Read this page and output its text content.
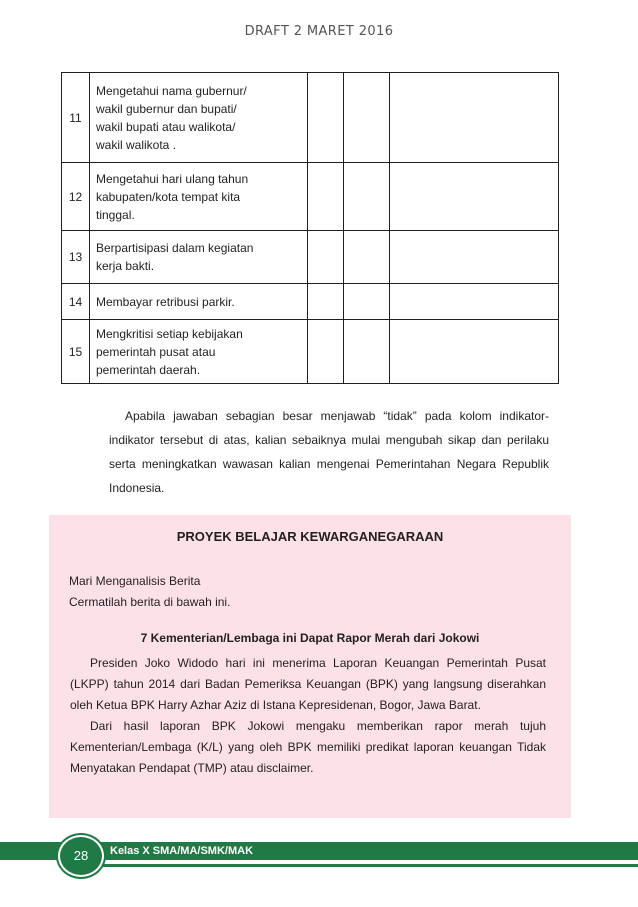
DRAFT 2 MARET 2016
11	Mengetahui nama gubernur/
wakil gubernur dan bupati/
wakil bupati atau walikota/
wakil walikota .			

12	Mengetahui hari ulang tahun
kabupaten/kota tempat kita
tinggal.			

13	Berpartisipasi dalam kegiatan
kerja bakti.			

14	Membayar retribusi parkir.			

15	Mengkritisi setiap kebijakan
pemerintah pusat atau
pemerintah daerah.			

Apabila jawaban sebagian besar menjawab “tidak” pada kolom indikator-indikator tersebut di atas, kalian sebaiknya mulai mengubah sikap dan perilaku serta meningkatkan wawasan kalian mengenai Pemerintahan Negara Republik Indonesia.
PROYEK BELAJAR KEWARGANEGARAAN
Mari Menganalisis Berita
Cermatilah berita di bawah ini.
7 Kementerian/Lembaga ini Dapat Rapor Merah dari Jokowi

Presiden Joko Widodo hari ini menerima Laporan Keuangan Pemerintah Pusat (LKPP) tahun 2014 dari Badan Pemeriksa Keuangan (BPK) yang langsung diserahkan oleh Ketua BPK Harry Azhar Aziz di Istana Kepresidenan, Bogor, Jawa Barat.

Dari hasil laporan BPK Jokowi mengaku memberikan rapor merah tujuh Kementerian/Lembaga (K/L) yang oleh BPK memiliki predikat laporan keuangan Tidak Menyatakan Pendapat (TMP) atau disclaimer.

28	Kelas X SMA/MA/SMK/MAK
